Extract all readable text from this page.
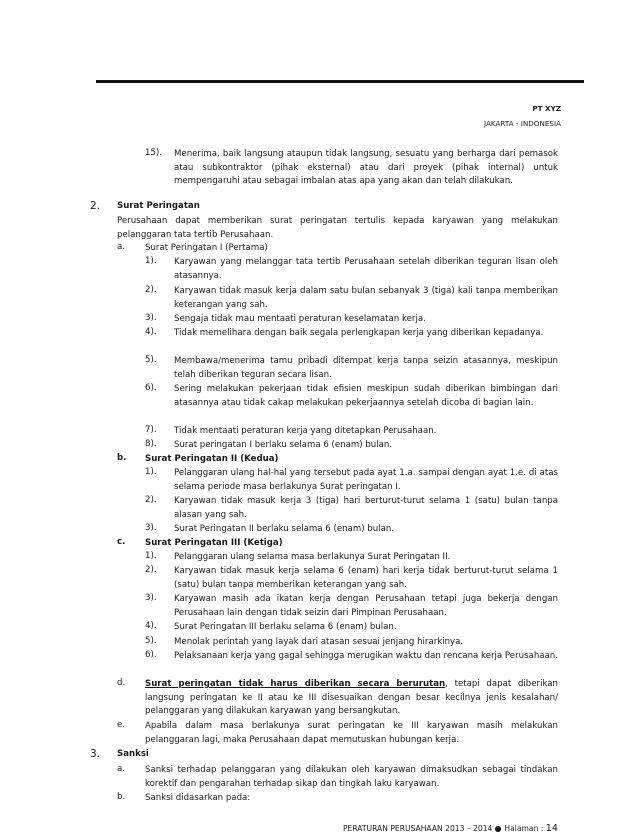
PT XYZ
JAKARTA - INDONESIA
15). Menerima, baik langsung ataupun tidak langsung, sesuatu yang berharga dari pemasok atau subkontraktor (pihak eksternal) atau dari proyek (pihak internal) untuk mempengaruhi atau sebagai imbalan atas apa yang akan dan telah dilakukan.
2. Surat Peringatan
Perusahaan dapat memberikan surat peringatan tertulis kepada karyawan yang melakukan pelanggaran tata tertib Perusahaan.
a. Surat Peringatan I (Pertama)
1). Karyawan yang melanggar tata tertib Perusahaan setelah diberikan teguran lisan oleh atasannya.
2). Karyawan tidak masuk kerja dalam satu bulan sebanyak 3 (tiga) kali tanpa memberikan keterangan yang sah.
3). Sengaja tidak mau mentaati peraturan keselamatan kerja.
4). Tidak memelihara dengan baik segala perlengkapan kerja yang diberikan kepadanya.
5). Membawa/menerima tamu pribadi ditempat kerja tanpa seizin atasannya, meskipun telah diberikan teguran secara lisan.
6). Sering melakukan pekerjaan tidak efisien meskipun sudah diberikan bimbingan dari atasannya atau tidak cakap melakukan pekerjaannya setelah dicoba di bagian lain.
7). Tidak mentaati peraturan kerja yang ditetapkan Perusahaan.
8). Surat peringatan I berlaku selama 6 (enam) bulan.
b. Surat Peringatan II (Kedua)
1). Pelanggaran ulang hal-hal yang tersebut pada ayat 1.a. sampai dengan ayat 1.e. di atas selama periode masa berlakunya Surat peringatan I.
2). Karyawan tidak masuk kerja 3 (tiga) hari berturut-turut selama 1 (satu) bulan tanpa alasan yang sah.
3). Surat Peringatan II berlaku selama 6 (enam) bulan.
c. Surat Peringatan III (Ketiga)
1). Pelanggaran ulang selama masa berlakunya Surat Peringatan II.
2). Karyawan tidak masuk kerja selama 6 (enam) hari kerja tidak berturut-turut selama 1 (satu) bulan tanpa memberikan keterangan yang sah.
3). Karyawan masih ada ikatan kerja dengan Perusahaan tetapi juga bekerja dengan Perusahaan lain dengan tidak seizin dari Pimpinan Perusahaan.
4). Surat Peringatan III berlaku selama 6 (enam) bulan.
5). Menolak perintah yang layak dari atasan sesuai jenjang hirarkinya.
6). Pelaksanaan kerja yang gagal sehingga merugikan waktu dan rencana kerja Perusahaan.
d. Surat peringatan tidak harus diberikan secara berurutan, tetapi dapat diberikan langsung peringatan ke II atau ke III disesuaikan dengan besar kecilnya jenis kesalahan/ pelanggaran yang dilakukan karyawan yang bersangkutan.
e. Apabila dalam masa berlakunya surat peringatan ke III karyawan masih melakukan pelanggaran lagi, maka Perusahaan dapat memutuskan hubungan kerja.
3. Sanksi
a. Sanksi terhadap pelanggaran yang dilakukan oleh karyawan dimaksudkan sebagai tindakan korektif dan pengarahan terhadap sikap dan tingkah laku karyawan.
b. Sanksi didasarkan pada:
PERATURAN PERUSAHAAN 2013 – 2014 Halaman : 14
